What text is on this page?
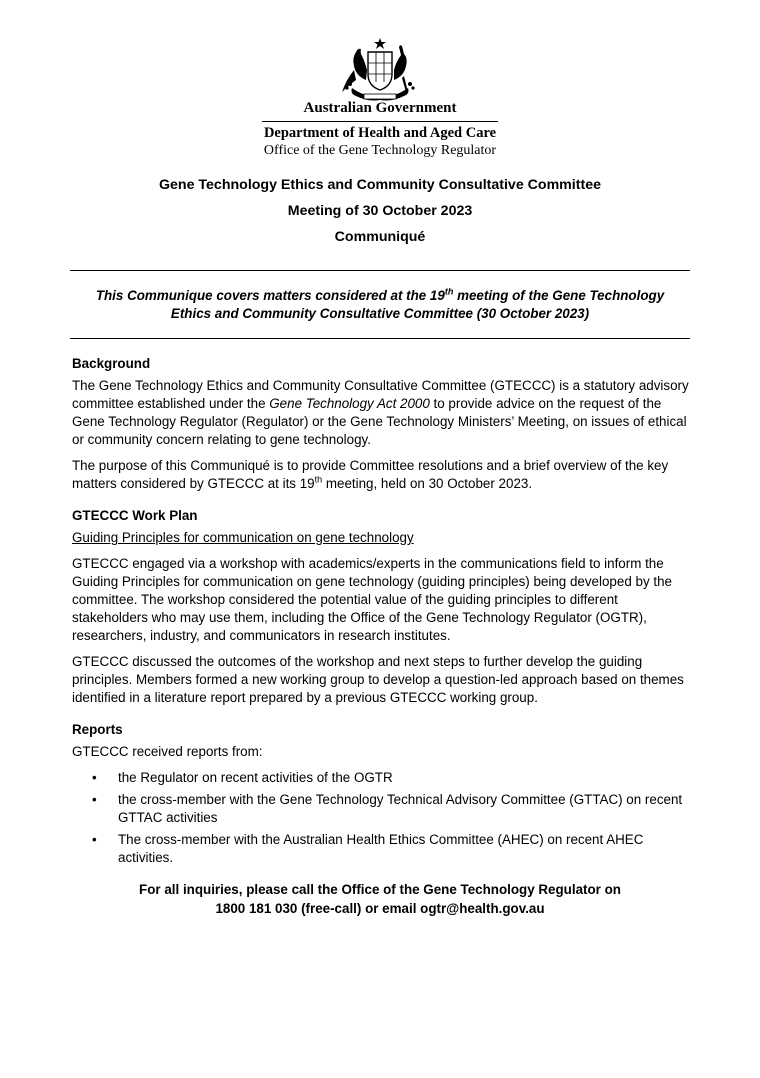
Australian Government
Department of Health and Aged Care
Office of the Gene Technology Regulator
Gene Technology Ethics and Community Consultative Committee
Meeting of 30 October 2023
Communiqué
This Communique covers matters considered at the 19th meeting of the Gene Technology Ethics and Community Consultative Committee (30 October 2023)
Background

The Gene Technology Ethics and Community Consultative Committee (GTECCC) is a statutory advisory committee established under the Gene Technology Act 2000 to provide advice on the request of the Gene Technology Regulator (Regulator) or the Gene Technology Ministers’ Meeting, on issues of ethical or community concern relating to gene technology.

The purpose of this Communiqué is to provide Committee resolutions and a brief overview of the key matters considered by GTECCC at its 19th meeting, held on 30 October 2023.

GTECCC Work Plan

Guiding Principles for communication on gene technology

GTECCC engaged via a workshop with academics/experts in the communications field to inform the Guiding Principles for communication on gene technology (guiding principles) being developed by the committee. The workshop considered the potential value of the guiding principles to different stakeholders who may use them, including the Office of the Gene Technology Regulator (OGTR), researchers, industry, and communicators in research institutes.

GTECCC discussed the outcomes of the workshop and next steps to further develop the guiding principles. Members formed a new working group to develop a question-led approach based on themes identified in a literature report prepared by a previous GTECCC working group.

Reports

GTECCC received reports from:

• the Regulator on recent activities of the OGTR
• the cross-member with the Gene Technology Technical Advisory Committee (GTTAC) on recent GTTAC activities
• The cross-member with the Australian Health Ethics Committee (AHEC) on recent AHEC activities.
For all inquiries, please call the Office of the Gene Technology Regulator on
1800 181 030 (free-call) or email ogtr@health.gov.au
